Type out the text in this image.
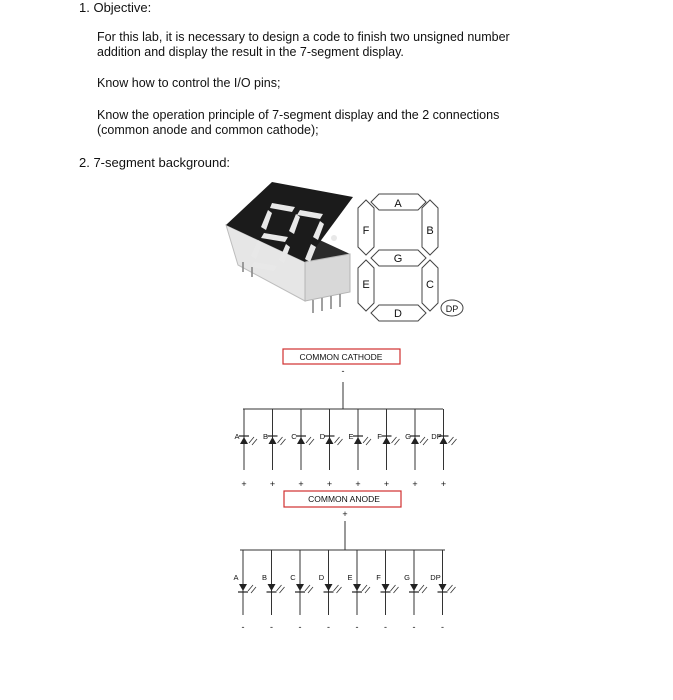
1. Objective:

For this lab, it is necessary to design a code to finish two unsigned number

addition and display the result in the 7-segment display.

Know how to control the I/O pins;

Know the operation principle of 7-segment display and the 2 connections

(common anode and common cathode);

2. 7-segment background:

A
B
C
D
E
F
G
DP
COMMON CATHODE
-
A
+
B
+
C
+
D
+
E
+
F
+
G
+
DP
+
COMMON ANODE
+
A
-
B
-
C
-
D
-
E
-
F
-
G
-
DP
-
